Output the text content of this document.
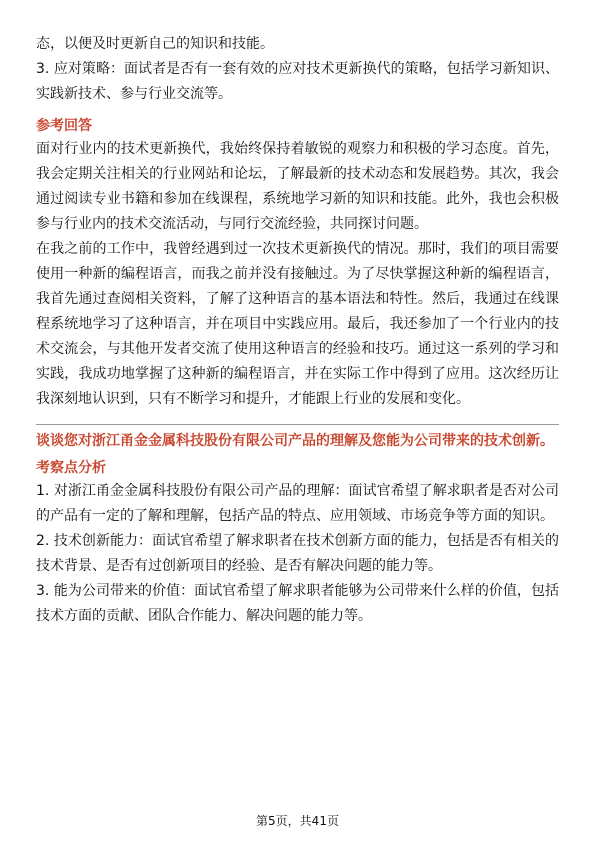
态，以便及时更新自己的知识和技能。

3. 应对策略：面试者是否有一套有效的应对技术更新换代的策略，包括学习新知识、实践新技术、参与行业交流等。

参考回答

面对行业内的技术更新换代，我始终保持着敏锐的观察力和积极的学习态度。首先，我会定期关注相关的行业网站和论坛，了解最新的技术动态和发展趋势。其次，我会通过阅读专业书籍和参加在线课程，系统地学习新的知识和技能。此外，我也会积极参与行业内的技术交流活动，与同行交流经验，共同探讨问题。

在我之前的工作中，我曾经遇到过一次技术更新换代的情况。那时，我们的项目需要使用一种新的编程语言，而我之前并没有接触过。为了尽快掌握这种新的编程语言，我首先通过查阅相关资料，了解了这种语言的基本语法和特性。然后，我通过在线课程系统地学习了这种语言，并在项目中实践应用。最后，我还参加了一个行业内的技术交流会，与其他开发者交流了使用这种语言的经验和技巧。通过这一系列的学习和实践，我成功地掌握了这种新的编程语言，并在实际工作中得到了应用。这次经历让我深刻地认识到，只有不断学习和提升，才能跟上行业的发展和变化。

谈谈您对浙江甬金金属科技股份有限公司产品的理解及您能为公司带来的技术创新。

考察点分析

1. 对浙江甬金金属科技股份有限公司产品的理解：面试官希望了解求职者是否对公司的产品有一定的了解和理解，包括产品的特点、应用领域、市场竞争等方面的知识。

2. 技术创新能力：面试官希望了解求职者在技术创新方面的能力，包括是否有相关的技术背景、是否有过创新项目的经验、是否有解决问题的能力等。

3. 能为公司带来的价值：面试官希望了解求职者能够为公司带来什么样的价值，包括技术方面的贡献、团队合作能力、解决问题的能力等。

第5页，共41页
